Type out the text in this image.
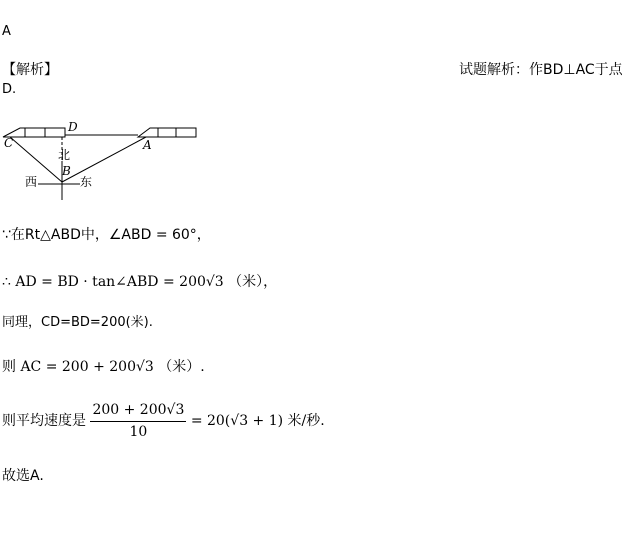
A
【解析】	试题解析：作BD⊥AC于点
D.
C
D
A
北
B
西	东
∵在Rt△ABD中，∠ABD = 60°，
∴ AD = BD · tan∠ABD = 200√3 （米），
同理，CD=BD=200(米).
则 AC = 200 + 200√3 （米）.
则平均速度是 $\frac{200 + 200√3}{10} = 20(√3 + 1)$ 米/秒.
故选A.
